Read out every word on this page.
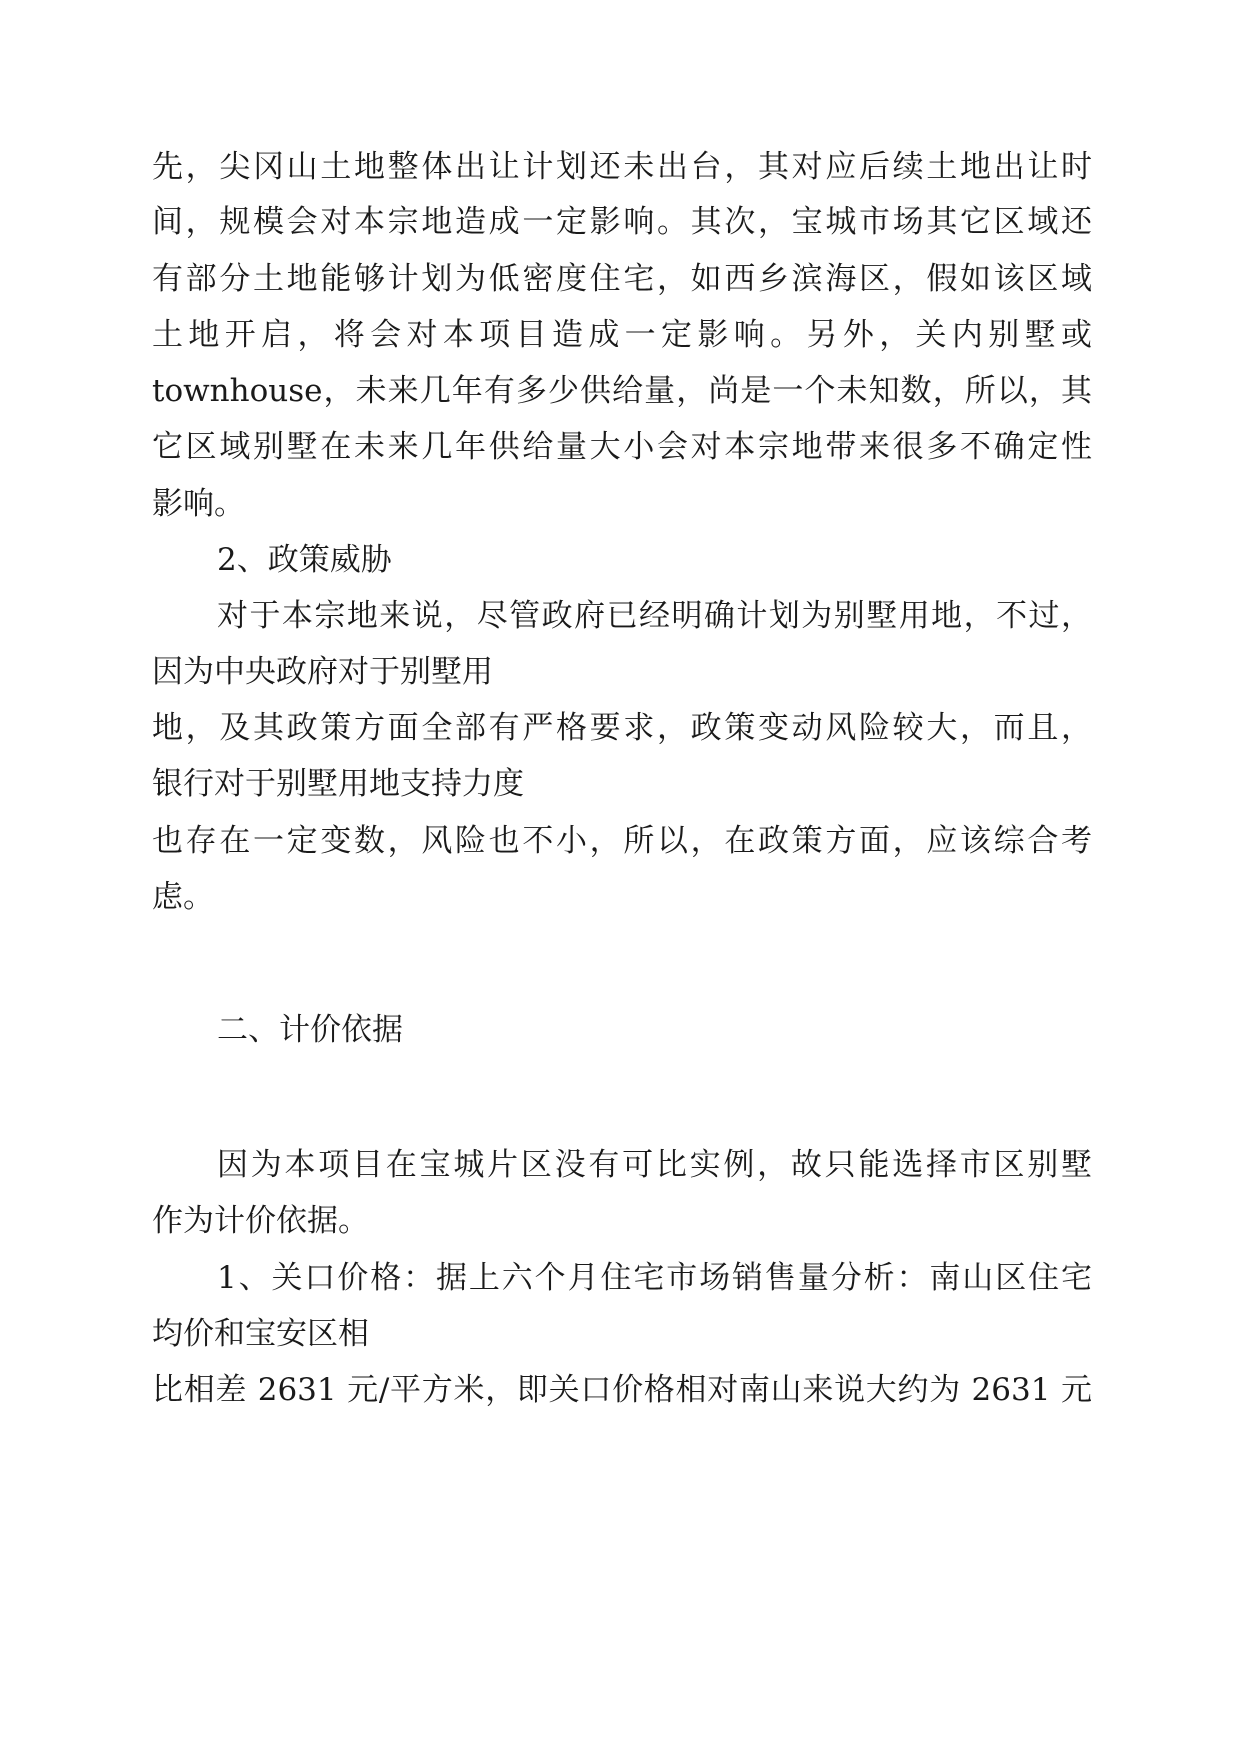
先，尖冈山土地整体出让计划还未出台，其对应后续土地出让时
间，规模会对本宗地造成一定影响。其次，宝城市场其它区域还
有部分土地能够计划为低密度住宅，如西乡滨海区，假如该区域
土地开启，将会对本项目造成一定影响。另外，关内别墅或
townhouse，未来几年有多少供给量，尚是一个未知数，所以，其
它区域别墅在未来几年供给量大小会对本宗地带来很多不确定性
影响。
2、政策威胁
对于本宗地来说，尽管政府已经明确计划为别墅用地，不过，
因为中央政府对于别墅用
地，及其政策方面全部有严格要求，政策变动风险较大，而且，
银行对于别墅用地支持力度
也存在一定变数，风险也不小，所以，在政策方面，应该综合考
虑。
二、计价依据
因为本项目在宝城片区没有可比实例，故只能选择市区别墅
作为计价依据。
1、关口价格：据上六个月住宅市场销售量分析：南山区住宅
均价和宝安区相
比相差 2631 元/平方米，即关口价格相对南山来说大约为 2631 元
